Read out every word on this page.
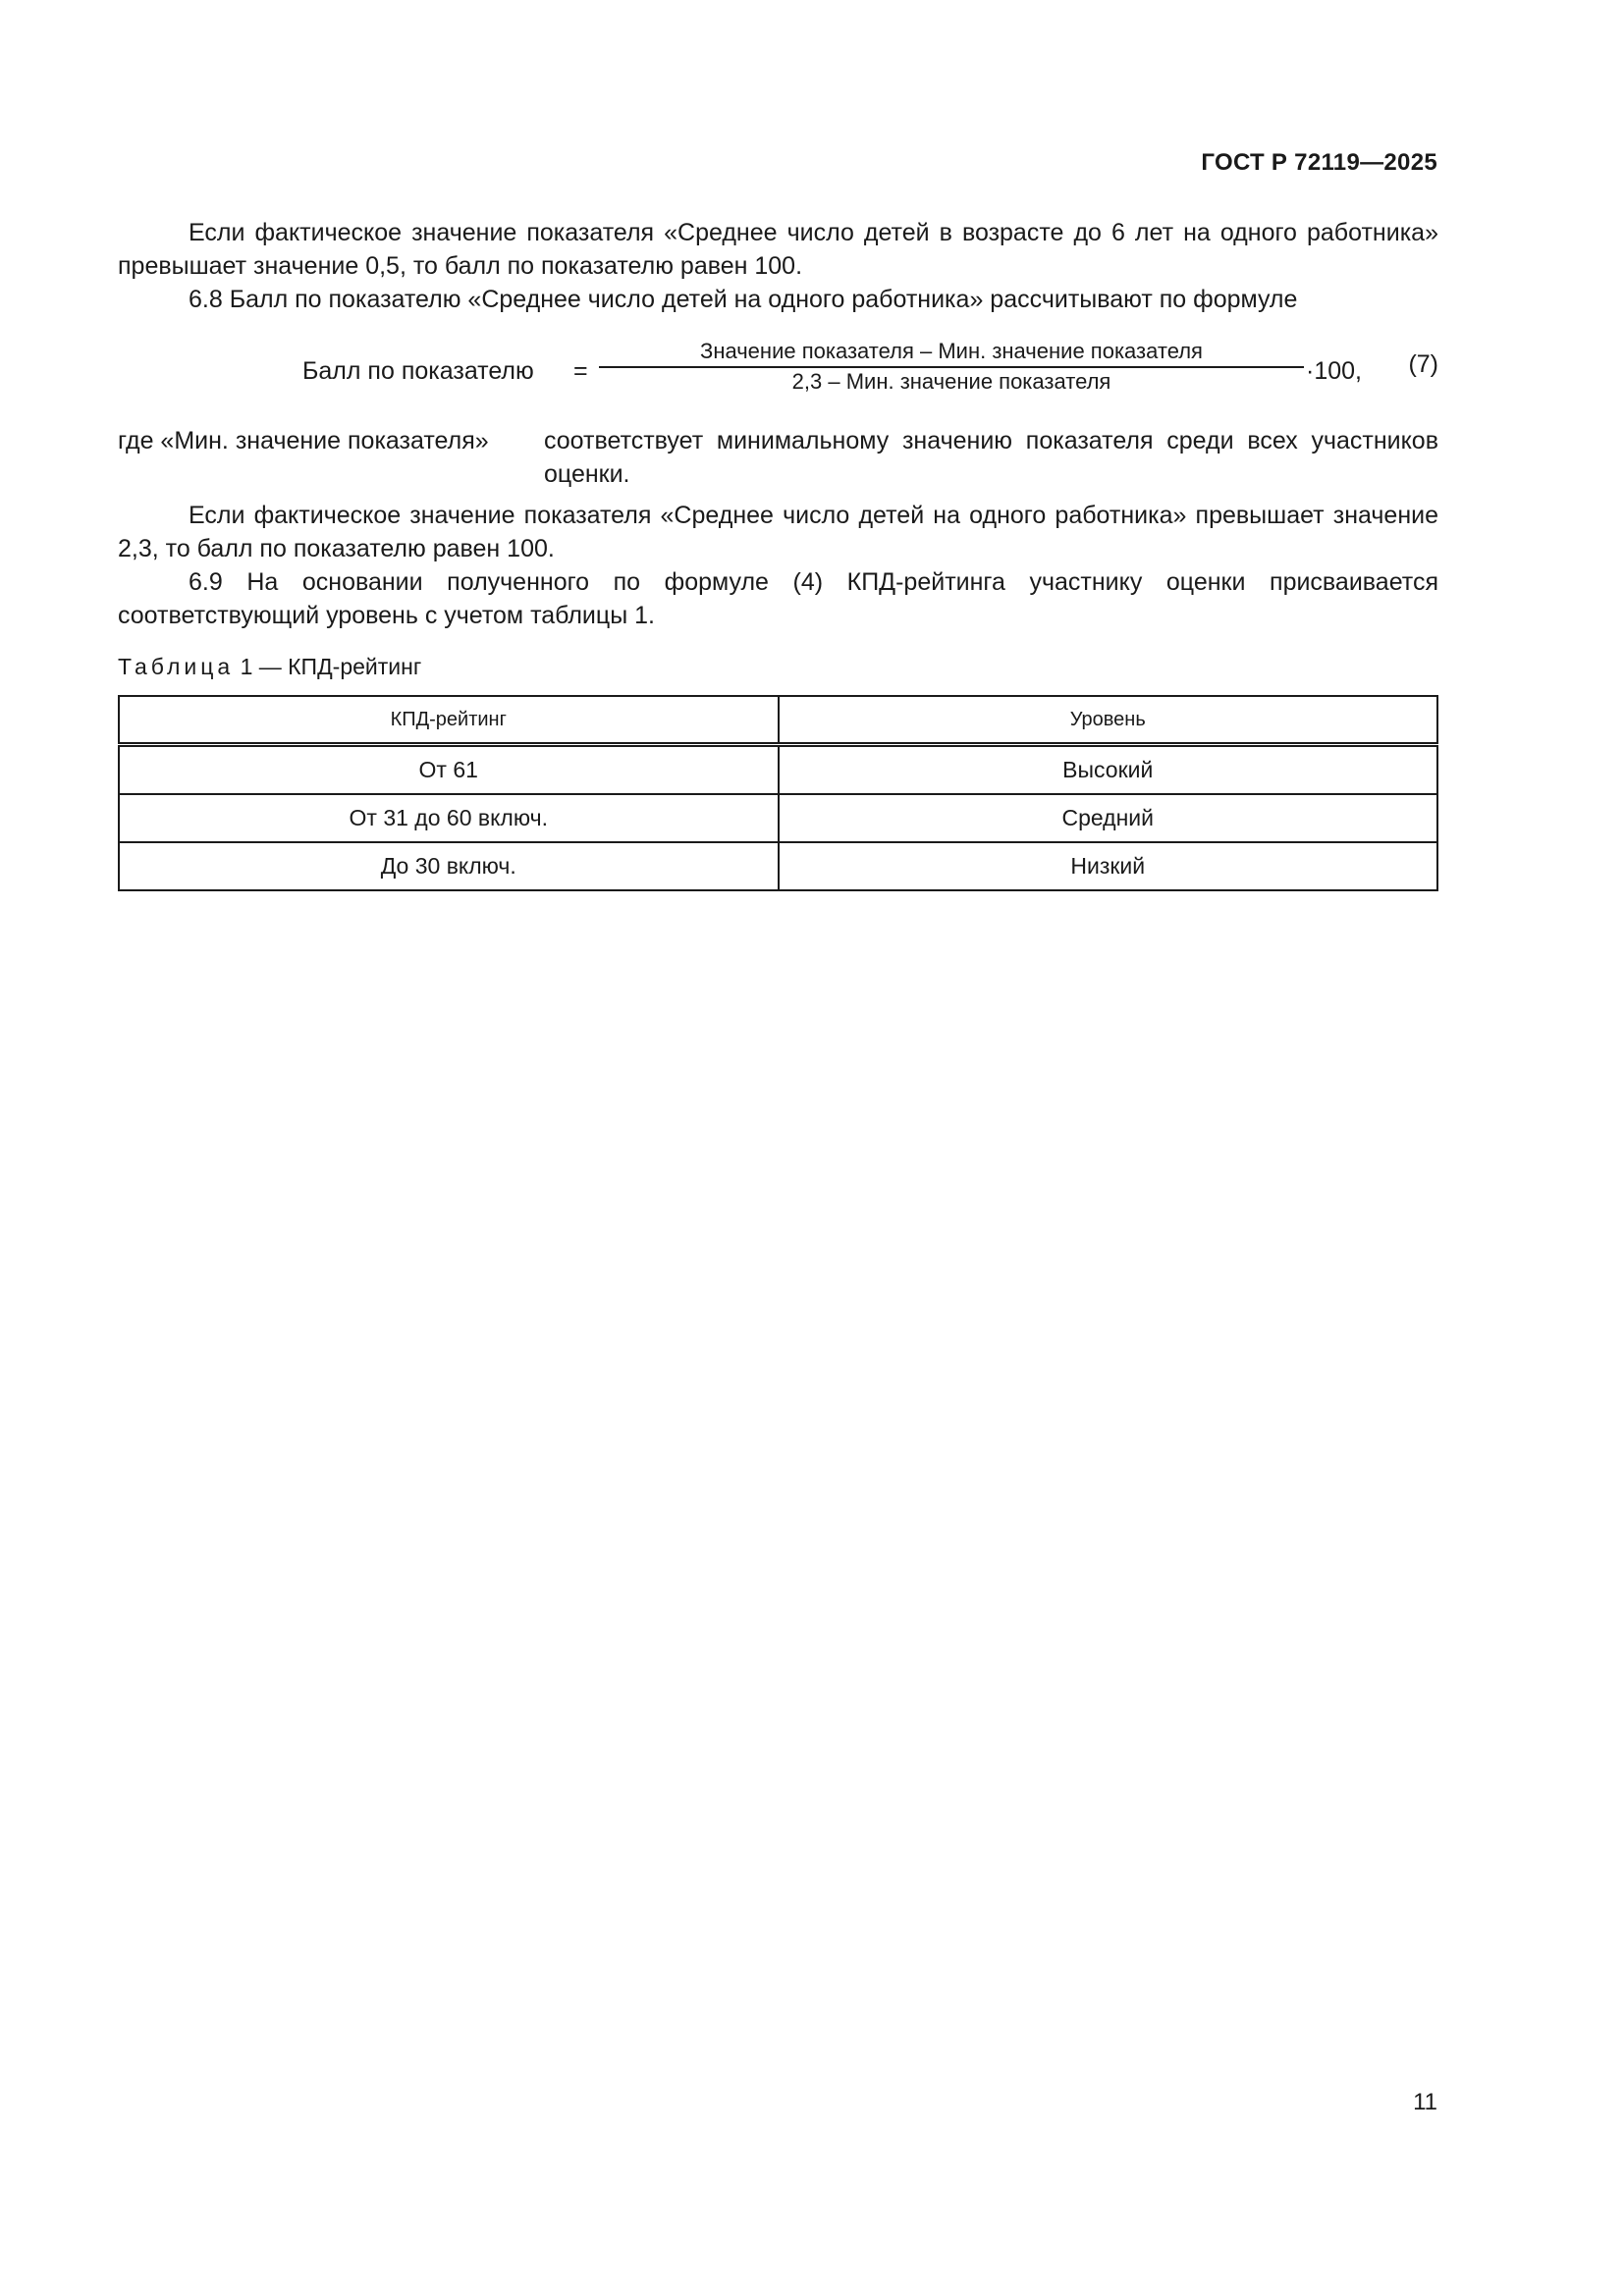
ГОСТ Р 72119—2025

Если фактическое значение показателя «Среднее число детей в возрасте до 6 лет на одного работника» превышает значение 0,5, то балл по показателю равен 100.

6.8 Балл по показателю «Среднее число детей на одного работника» рассчитывают по формуле

Балл по показателю =
Значение показателя – Мин. значение показателя
2,3 – Мин. значение показателя	·100, (7)
где «Мин. значение показателя» соответствует минимальному значению показателя среди всех участников оценки.

Если фактическое значение показателя «Среднее число детей на одного работника» превышает значение 2,3, то балл по показателю равен 100.

6.9 На основании полученного по формуле (4) КПД-рейтинга участнику оценки присваивается соответствующий уровень с учетом таблицы 1.

Таблица 1 — КПД-рейтинг
КПД-рейтинг	Уровень
От 61	Высокий
От 31 до 60 включ.	Средний
До 30 включ.	Низкий
11
